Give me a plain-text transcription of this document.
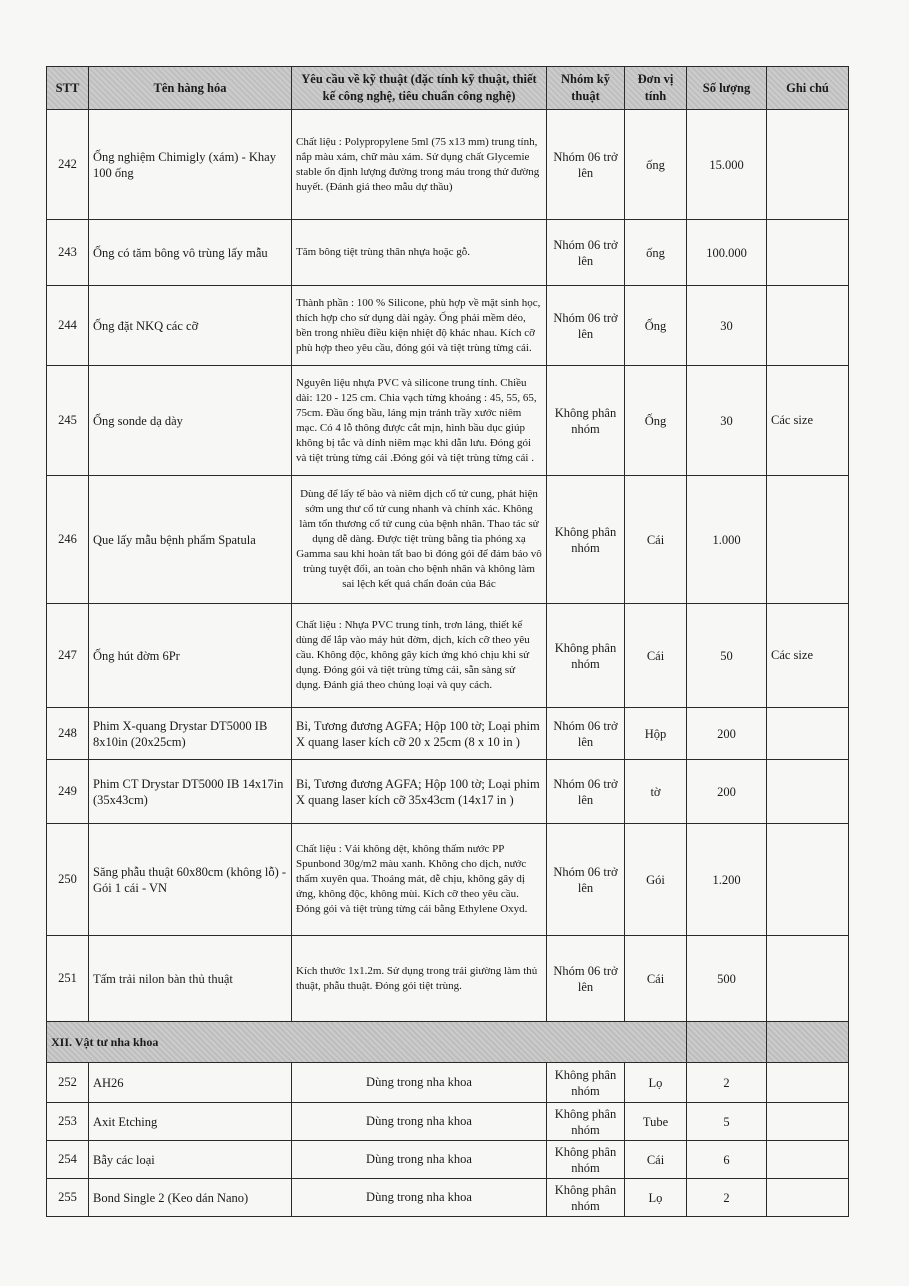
STT	Tên hàng hóa	Yêu cầu về kỹ thuật (đặc tính kỹ thuật, thiết kế công nghệ, tiêu chuẩn công nghệ)	Nhóm kỹ thuật	Đơn vị tính	Số lượng	Ghi chú
242	Ống nghiệm Chimigly (xám) - Khay 100 ống	Chất liệu : Polypropylene 5ml (75 x13 mm) trung tính, nắp màu xám, chữ màu xám. Sử dụng chất Glycemie stable ổn định lượng đường trong máu trong thử đường huyết. (Đánh giá theo mẫu dự thầu)	Nhóm 06 trở lên	ống	15.000	
243	Ống có tăm bông vô trùng lấy mẫu	Tăm bông tiệt trùng thân nhựa hoặc gỗ.	Nhóm 06 trở lên	ống	100.000	
244	Ống đặt NKQ các cỡ	Thành phần : 100 % Silicone, phù hợp về mặt sinh học, thích hợp cho sử dụng dài ngày. Ống phải mềm dẻo, bền trong nhiều điều kiện nhiệt độ khác nhau. Kích cỡ phù hợp theo yêu cầu, đóng gói và tiệt trùng từng cái.	Nhóm 06 trở lên	Ống	30	
245	Ống sonde dạ dày	Nguyên liệu nhựa PVC và silicone trung tính. Chiều dài: 120 - 125 cm. Chia vạch từng khoảng : 45, 55, 65, 75cm. Đầu ống bầu, láng mịn tránh trầy xước niêm mạc. Có 4 lỗ thông được cắt mịn, hình bầu dục giúp không bị tắc và dính niêm mạc khi dẫn lưu. Đóng gói và tiệt trùng từng cái .Đóng gói và tiệt trùng từng cái .	Không phân nhóm	Ống	30	Các size
246	Que lấy mẫu bệnh phẩm Spatula	Dùng để lấy tế bào và niêm dịch cổ tử cung, phát hiện sớm ung thư cổ tử cung nhanh và chính xác. Không làm tổn thương cổ tử cung của bệnh nhân. Thao tác sử dụng dễ dàng. Được tiệt trùng bằng tia phóng xạ Gamma sau khi hoàn tất bao bì đóng gói để đảm bảo vô trùng tuyệt đối, an toàn cho bệnh nhân và không làm sai lệch kết quả chẩn đoán của Bác	Không phân nhóm	Cái	1.000	
247	Ống hút đờm 6Pr	Chất liệu : Nhựa PVC trung tính, trơn láng, thiết kế dùng để lắp vào máy hút đờm, dịch, kích cỡ theo yêu cầu. Không độc, không gây kích ứng khó chịu khi sử dụng. Đóng gói và tiệt trùng từng cái, sẵn sàng sử dụng. Đánh giá theo chủng loại và quy cách.	Không phân nhóm	Cái	50	Các size
248	Phim X-quang Drystar DT5000 IB 8x10in (20x25cm)	Bỉ, Tương đương AGFA; Hộp 100 tờ; Loại phim X quang laser kích cỡ 20 x 25cm (8 x 10 in )	Nhóm 06 trở lên	Hộp	200	
249	Phim CT Drystar DT5000 IB 14x17in (35x43cm)	Bỉ, Tương đương AGFA; Hộp 100 tờ; Loại phim X quang laser kích cỡ 35x43cm (14x17 in )	Nhóm 06 trở lên	tờ	200	
250	Săng phẫu thuật 60x80cm (không lỗ) - Gói 1 cái - VN	Chất liệu : Vải không dệt, không thấm nước PP Spunbond 30g/m2 màu xanh. Không cho dịch, nước thấm xuyên qua. Thoáng mát, dễ chịu, không gây dị ứng, không độc, không mùi. Kích cỡ theo yêu cầu. Đóng gói và tiệt trùng từng cái bằng Ethylene Oxyd.	Nhóm 06 trở lên	Gói	1.200	
251	Tấm trải nilon bàn thủ thuật	Kích thước 1x1.2m. Sử dụng trong trải giường làm thủ thuật, phẫu thuật. Đóng gói tiệt trùng.	Nhóm 06 trở lên	Cái	500	
XII. Vật tư nha khoa						
252	AH26	Dùng trong nha khoa	Không phân nhóm	Lọ	2	
253	Axit Etching	Dùng trong nha khoa	Không phân nhóm	Tube	5	
254	Bẫy các loại	Dùng trong nha khoa	Không phân nhóm	Cái	6	
255	Bond Single 2 (Keo dán Nano)	Dùng trong nha khoa	Không phân nhóm	Lọ	2	
